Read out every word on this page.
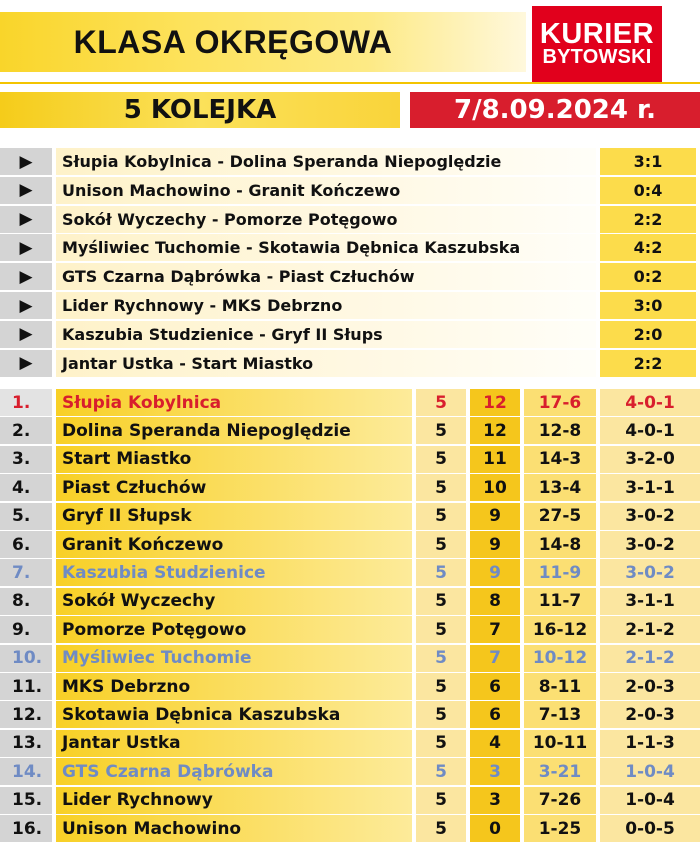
KLASA OKRĘGOWA	KURIER
BYTOWSKI
5 KOLEJKA	7/8.09.2024 r.
▶	Słupia Kobylnica - Dolina Speranda Niepoględzie	3:1
▶	Unison Machowino - Granit Kończewo	0:4
▶	Sokół Wyczechy - Pomorze Potęgowo	2:2
▶	Myśliwiec Tuchomie - Skotawia Dębnica Kaszubska	4:2
▶	GTS Czarna Dąbrówka - Piast Człuchów	0:2
▶	Lider Rychnowy - MKS Debrzno	3:0
▶	Kaszubia Studzienice - Gryf II Słups	2:0
▶	Jantar Ustka - Start Miastko	2:2
1.	Słupia Kobylnica	5	12	17-6	4-0-1
2.	Dolina Speranda Niepoględzie	5	12	12-8	4-0-1
3.	Start Miastko	5	11	14-3	3-2-0
4.	Piast Człuchów	5	10	13-4	3-1-1
5.	Gryf II Słupsk	5	9	27-5	3-0-2
6.	Granit Kończewo	5	9	14-8	3-0-2
7.	Kaszubia Studzienice	5	9	11-9	3-0-2
8.	Sokół Wyczechy	5	8	11-7	3-1-1
9.	Pomorze Potęgowo	5	7	16-12	2-1-2
10.	Myśliwiec Tuchomie	5	7	10-12	2-1-2
11.	MKS Debrzno	5	6	8-11	2-0-3
12.	Skotawia Dębnica Kaszubska	5	6	7-13	2-0-3
13.	Jantar Ustka	5	4	10-11	1-1-3
14.	GTS Czarna Dąbrówka	5	3	3-21	1-0-4
15.	Lider Rychnowy	5	3	7-26	1-0-4
16.	Unison Machowino	5	0	1-25	0-0-5
